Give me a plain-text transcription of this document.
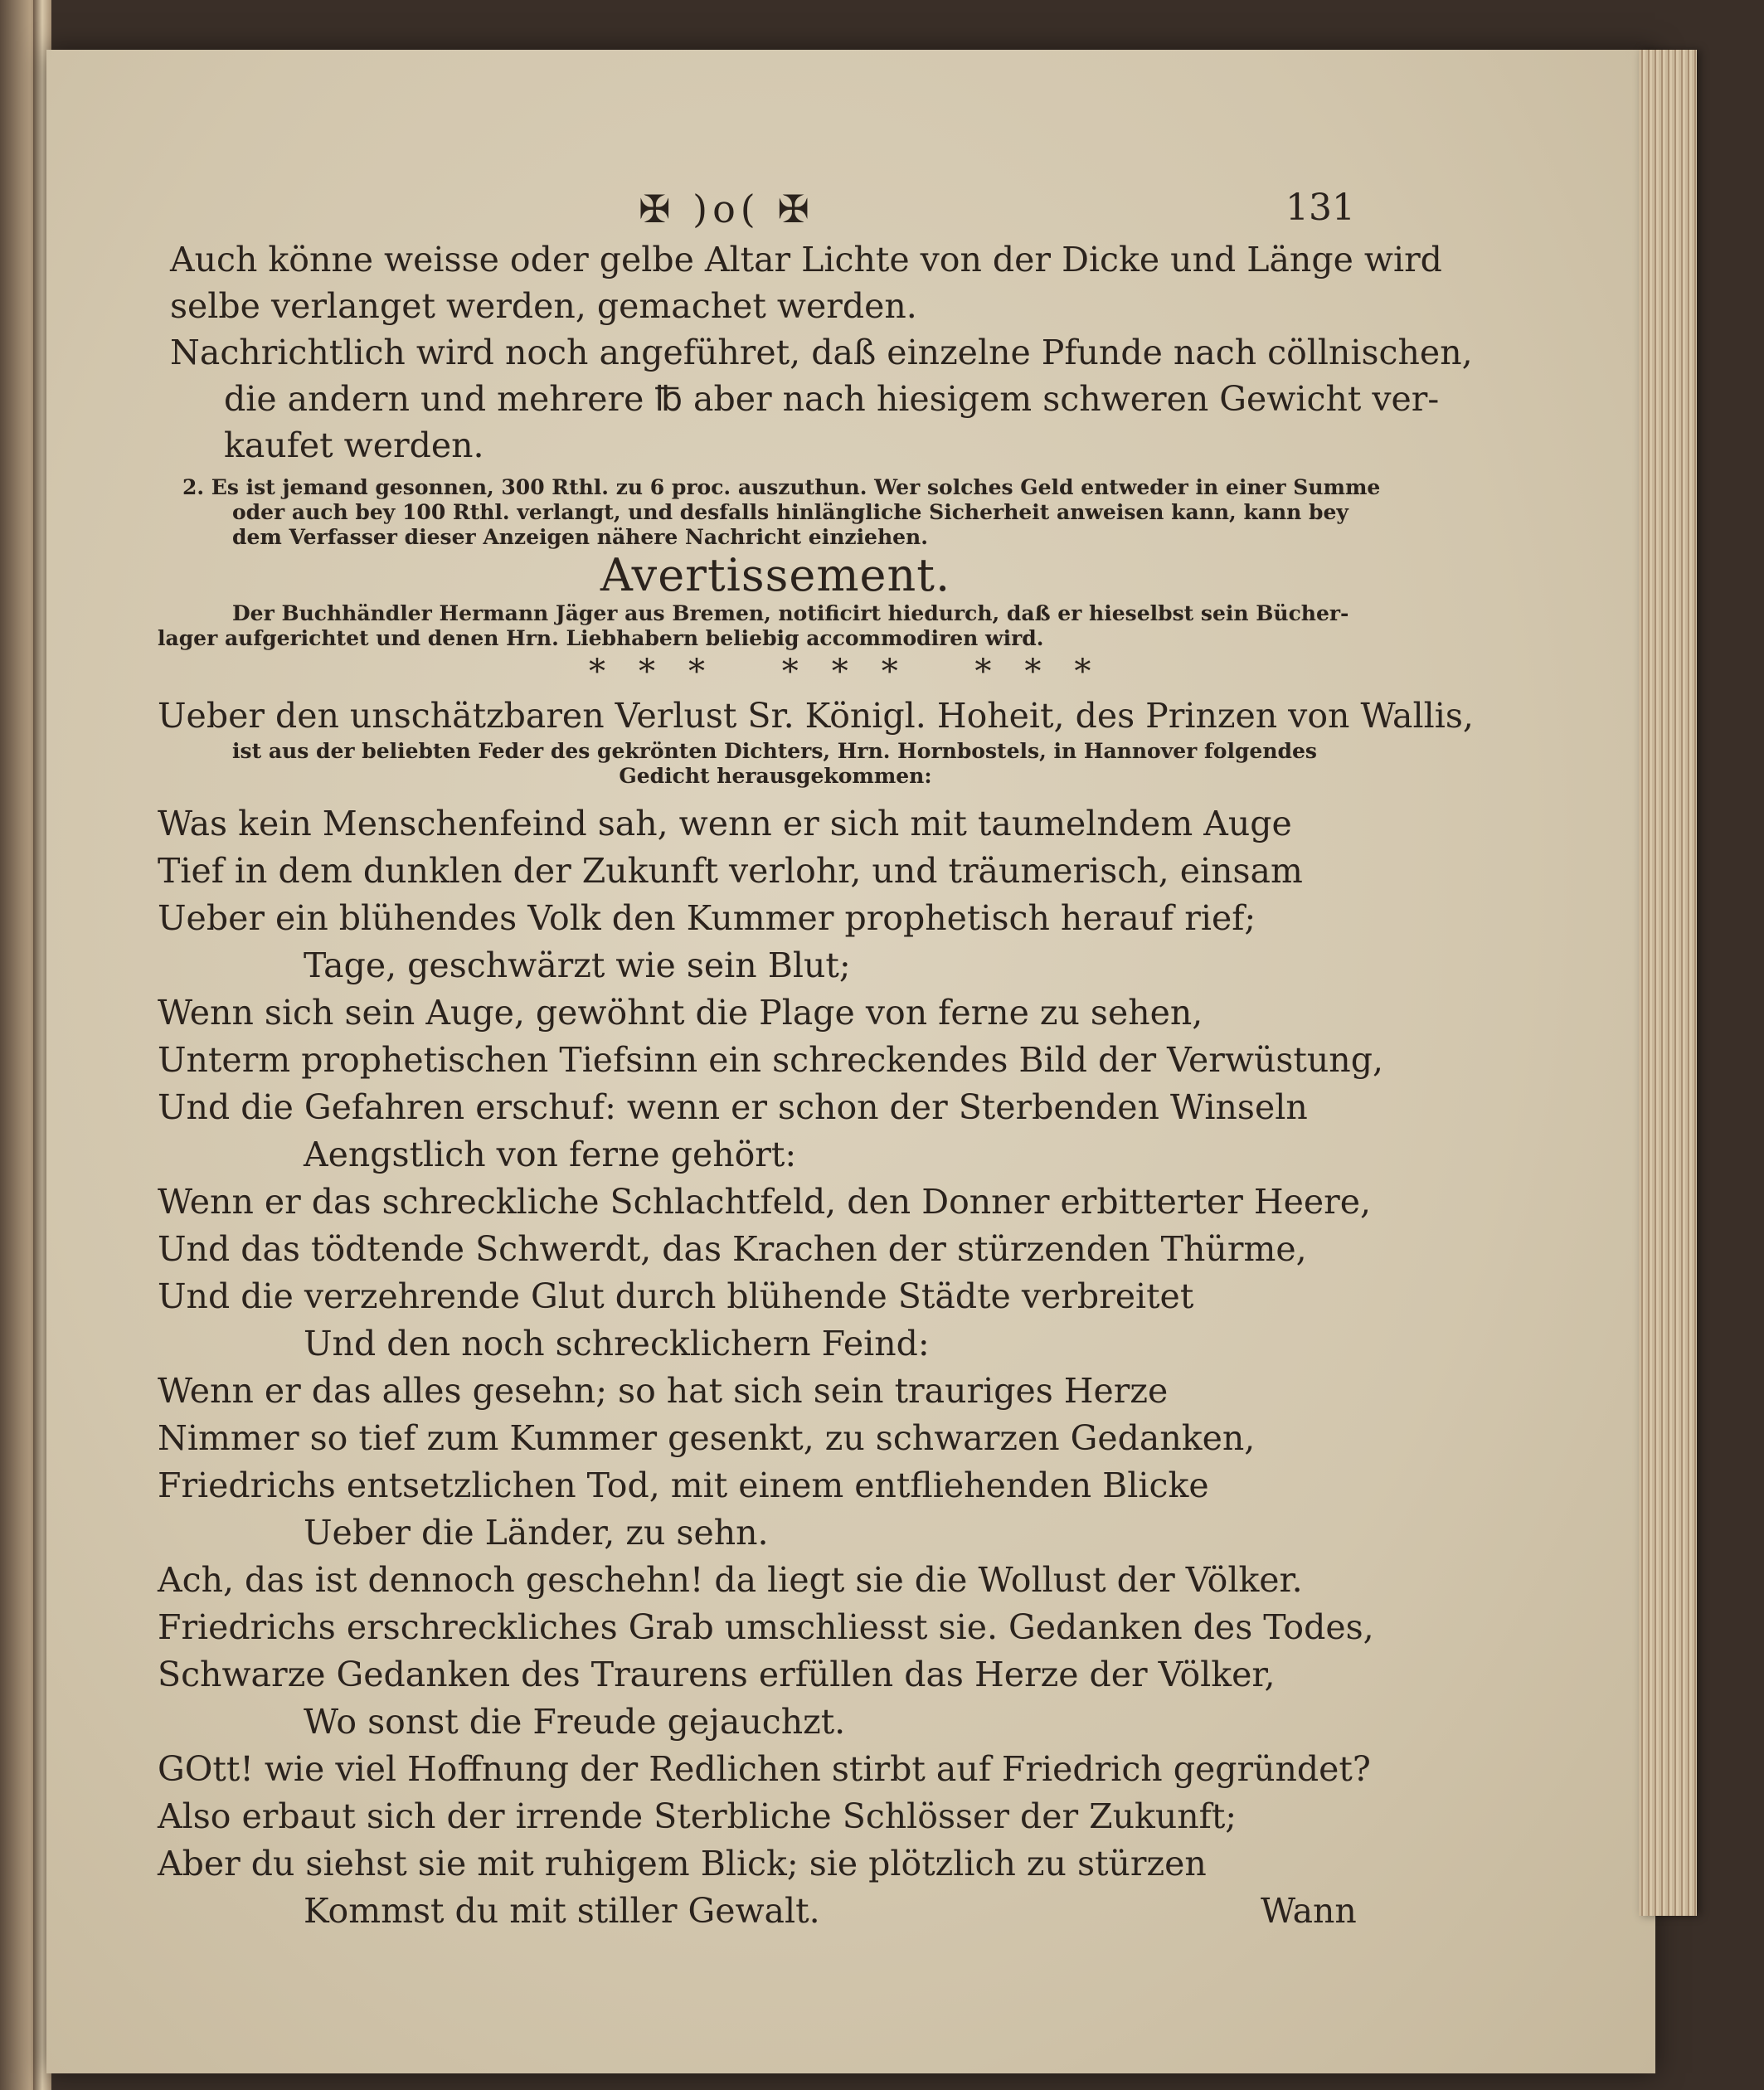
✠ )o( ✠	131
Auch könne weisse oder gelbe Altar Lichte von der Dicke und Länge wird
selbe verlanget werden, gemachet werden.
Nachrichtlich wird noch angeführet, daß einzelne Pfunde nach cöllnischen,
die andern und mehrere ℔ aber nach hiesigem schweren Gewicht ver-
kaufet werden.
2. Es ist jemand gesonnen, 300 Rthl. zu 6 proc. auszuthun. Wer solches Geld entweder in einer Summe
oder auch bey 100 Rthl. verlangt, und desfalls hinlängliche Sicherheit anweisen kann, kann bey
dem Verfasser dieser Anzeigen nähere Nachricht einziehen.
Avertissement.
Der Buchhändler Hermann Jäger aus Bremen, notificirt hiedurch, daß er hieselbst sein Bücher-
lager aufgerichtet und denen Hrn. Liebhabern beliebig accommodiren wird.
*** *** ***
Ueber den unschätzbaren Verlust Sr. Königl. Hoheit, des Prinzen von Wallis,
ist aus der beliebten Feder des gekrönten Dichters, Hrn. Hornbostels, in Hannover folgendes
Gedicht herausgekommen:
Was kein Menschenfeind sah, wenn er sich mit taumelndem Auge
Tief in dem dunklen der Zukunft verlohr, und träumerisch, einsam
Ueber ein blühendes Volk den Kummer prophetisch herauf rief;
Tage, geschwärzt wie sein Blut;
Wenn sich sein Auge, gewöhnt die Plage von ferne zu sehen,
Unterm prophetischen Tiefsinn ein schreckendes Bild der Verwüstung,
Und die Gefahren erschuf: wenn er schon der Sterbenden Winseln
Aengstlich von ferne gehört:
Wenn er das schreckliche Schlachtfeld, den Donner erbitterter Heere,
Und das tödtende Schwerdt, das Krachen der stürzenden Thürme,
Und die verzehrende Glut durch blühende Städte verbreitet
Und den noch schrecklichern Feind:
Wenn er das alles gesehn; so hat sich sein trauriges Herze
Nimmer so tief zum Kummer gesenkt, zu schwarzen Gedanken,
Friedrichs entsetzlichen Tod, mit einem entfliehenden Blicke
Ueber die Länder, zu sehn.
Ach, das ist dennoch geschehn! da liegt sie die Wollust der Völker.
Friedrichs erschreckliches Grab umschliesst sie. Gedanken des Todes,
Schwarze Gedanken des Traurens erfüllen das Herze der Völker,
Wo sonst die Freude gejauchzt.
GOtt! wie viel Hoffnung der Redlichen stirbt auf Friedrich gegründet?
Also erbaut sich der irrende Sterbliche Schlösser der Zukunft;
Aber du siehst sie mit ruhigem Blick; sie plötzlich zu stürzen
Kommst du mit stiller Gewalt.	Wann
